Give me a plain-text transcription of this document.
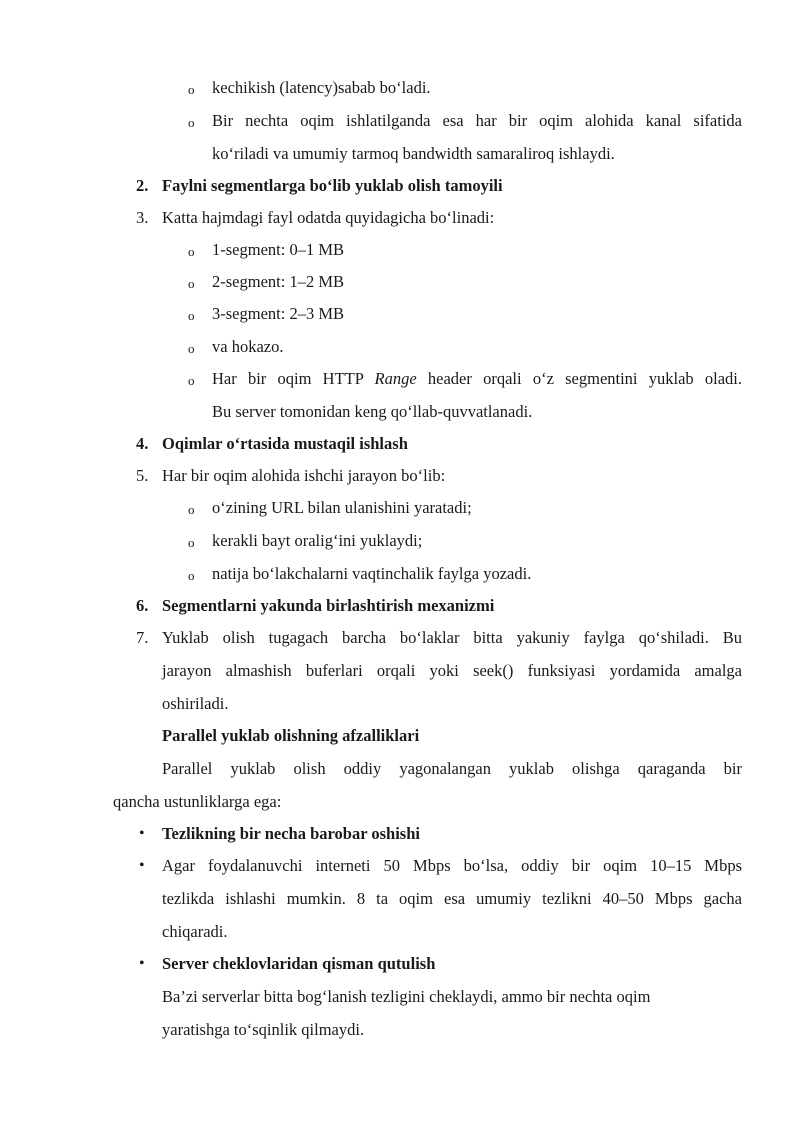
o kechikish (latency)sabab bo‘ladi.
o Bir nechta oqim ishlatilganda esa har bir oqim alohida kanal sifatida
ko‘riladi va umumiy tarmoq bandwidth samaraliroq ishlaydi.
2. Faylni segmentlarga bo‘lib yuklab olish tamoyili
3. Katta hajmdagi fayl odatda quyidagicha bo‘linadi:
o 1-segment: 0–1 MB
o 2-segment: 1–2 MB
o 3-segment: 2–3 MB
o va hokazo.
o Har bir oqim HTTP Range header orqali o‘z segmentini yuklab oladi.
Bu server tomonidan keng qo‘llab-quvvatlanadi.
4. Oqimlar o‘rtasida mustaqil ishlash
5. Har bir oqim alohida ishchi jarayon bo‘lib:
o o‘zining URL bilan ulanishini yaratadi;
o kerakli bayt oralig‘ini yuklaydi;
o natija bo‘lakchalarni vaqtinchalik faylga yozadi.
6. Segmentlarni yakunda birlashtirish mexanizmi
7. Yuklab olish tugagach barcha bo‘laklar bitta yakuniy faylga qo‘shiladi. Bu
jarayon almashish buferlari orqali yoki seek() funksiyasi yordamida amalga
oshiriladi.
Parallel yuklab olishning afzalliklari
Parallel yuklab olish oddiy yagonalangan yuklab olishga qaraganda bir
qancha ustunliklarga ega:
• Tezlikning bir necha barobar oshishi
• Agar foydalanuvchi interneti 50 Mbps bo‘lsa, oddiy bir oqim 10–15 Mbps
tezlikda ishlashi mumkin. 8 ta oqim esa umumiy tezlikni 40–50 Mbps gacha
chiqaradi.
• Server cheklovlaridan qisman qutulish
Ba’zi serverlar bitta bog‘lanish tezligini cheklaydi, ammo bir nechta oqim
yaratishga to‘sqinlik qilmaydi.
